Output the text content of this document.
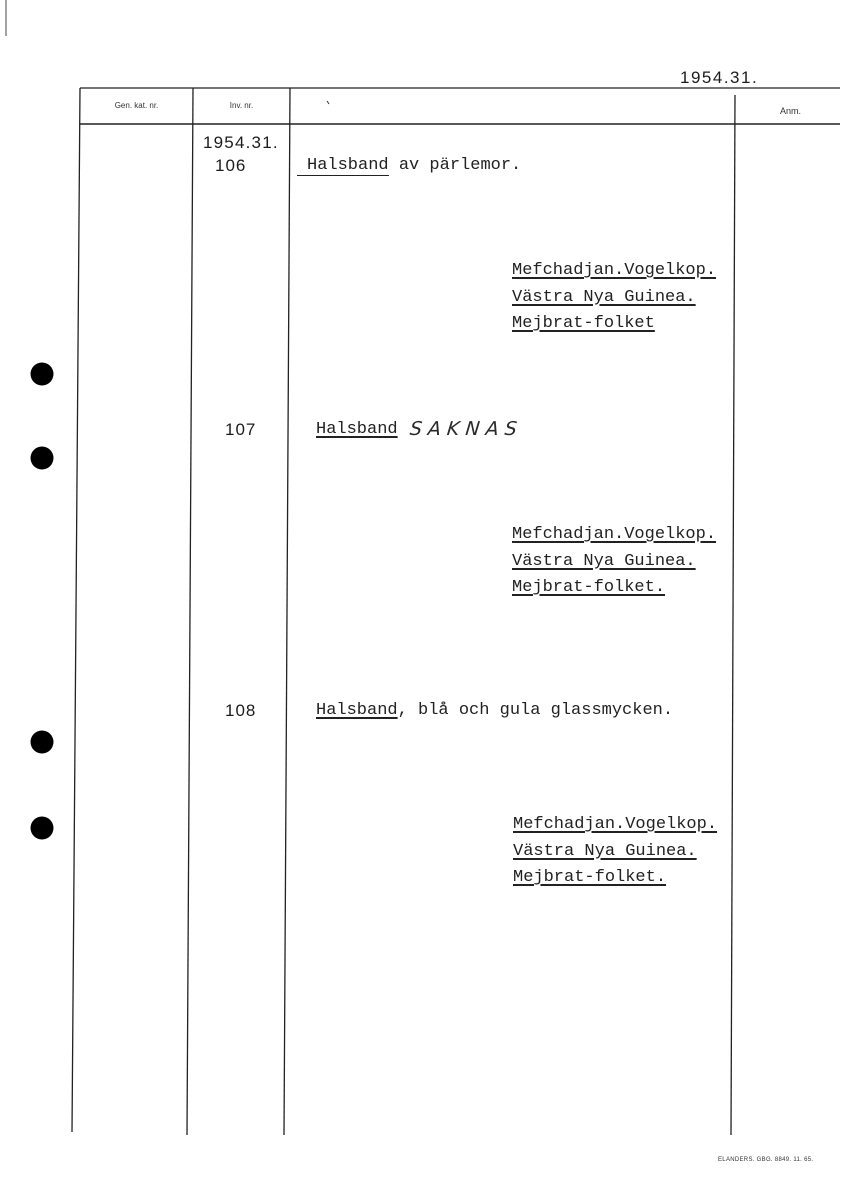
1954.31.
Gen. kat. nr.	Inv. nr.
Anm.
1954.31.
106	Halsband av pärlemor.
Mefchadjan.Vogelkop.
Västra Nya Guinea.
Mejbrat-folket
107	Halsband SAKNAS
Mefchadjan.Vogelkop.
Västra Nya Guinea.
Mejbrat-folket.
108	Halsband, blå och gula glassmycken.
Mefchadjan.Vogelkop.
Västra Nya Guinea.
Mejbrat-folket.
ELANDERS. GBG. 8849. 11. 65.
